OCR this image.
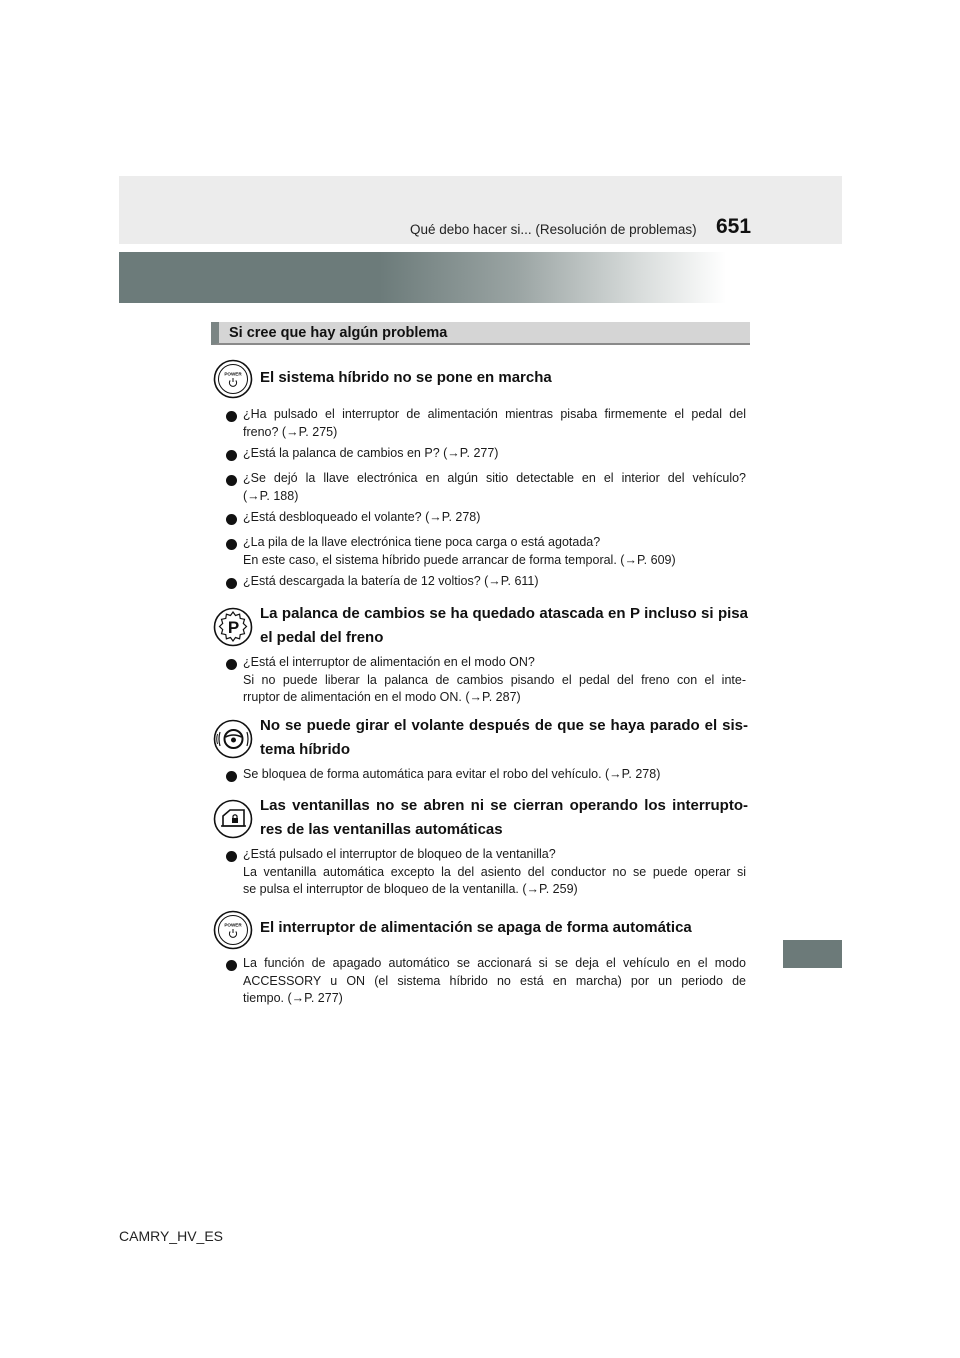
Qué debo hacer si... (Resolución de problemas) 651
Si cree que hay algún problema
POWER El sistema híbrido no se pone en marcha
¿Ha pulsado el interruptor de alimentación mientras pisaba firmemente el pedal del
freno? (→P. 275)
¿Está la palanca de cambios en P? (→P. 277)
¿Se dejó la llave electrónica en algún sitio detectable en el interior del vehículo?
(→P. 188)
¿Está desbloqueado el volante? (→P. 278)
¿La pila de la llave electrónica tiene poca carga o está agotada?
En este caso, el sistema híbrido puede arrancar de forma temporal. (→P. 609)
¿Está descargada la batería de 12 voltios? (→P. 611)
P
La palanca de cambios se ha quedado atascada en P incluso si pisa el pedal del freno
¿Está el interruptor de alimentación en el modo ON?
Si no puede liberar la palanca de cambios pisando el pedal del freno con el inte-
rruptor de alimentación en el modo ON. (→P. 287)
No se puede girar el volante después de que se haya parado el sis- tema híbrido
Se bloquea de forma automática para evitar el robo del vehículo. (→P. 278)
Las ventanillas no se abren ni se cierran operando los interrupto- res de las ventanillas automáticas
¿Está pulsado el interruptor de bloqueo de la ventanilla?
La ventanilla automática excepto la del asiento del conductor no se puede operar si
se pulsa el interruptor de bloqueo de la ventanilla. (→P. 259)
POWER El interruptor de alimentación se apaga de forma automática
La función de apagado automático se accionará si se deja el vehículo en el modo
ACCESSORY u ON (el sistema híbrido no está en marcha) por un periodo de
tiempo. (→P. 277)
CAMRY_HV_ES
